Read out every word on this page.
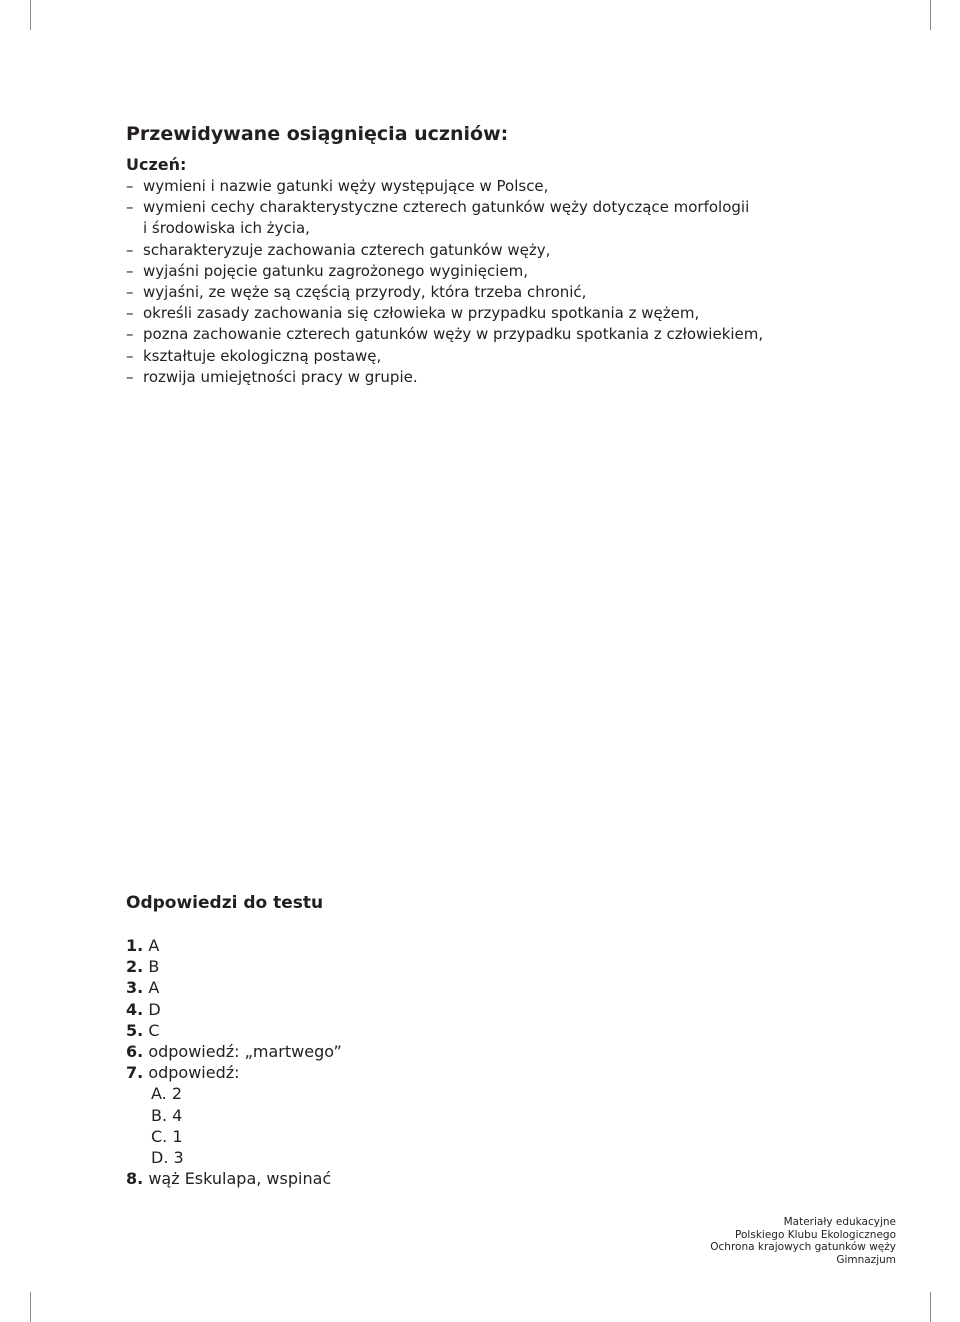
Przewidywane osiągnięcia uczniów:
Uczeń:
– wymieni i nazwie gatunki węży występujące w Polsce,
– wymieni cechy charakterystyczne czterech gatunków węży dotyczące morfologii
i środowiska ich życia,
– scharakteryzuje zachowania czterech gatunków węży,
– wyjaśni pojęcie gatunku zagrożonego wyginięciem,
– wyjaśni, ze węże są częścią przyrody, która trzeba chronić,
– określi zasady zachowania się człowieka w przypadku spotkania z wężem,
– pozna zachowanie czterech gatunków węży w przypadku spotkania z człowiekiem,
– kształtuje ekologiczną postawę,
– rozwija umiejętności pracy w grupie.
Odpowiedzi do testu
1. A
2. B
3. A
4. D
5. C
6. odpowiedź: „martwego”
7. odpowiedź:
A. 2
B. 4
C. 1
D. 3
8. wąż Eskulapa, wspinać
Materiały edukacyjne
Polskiego Klubu Ekologicznego
Ochrona krajowych gatunków węży
Gimnazjum
